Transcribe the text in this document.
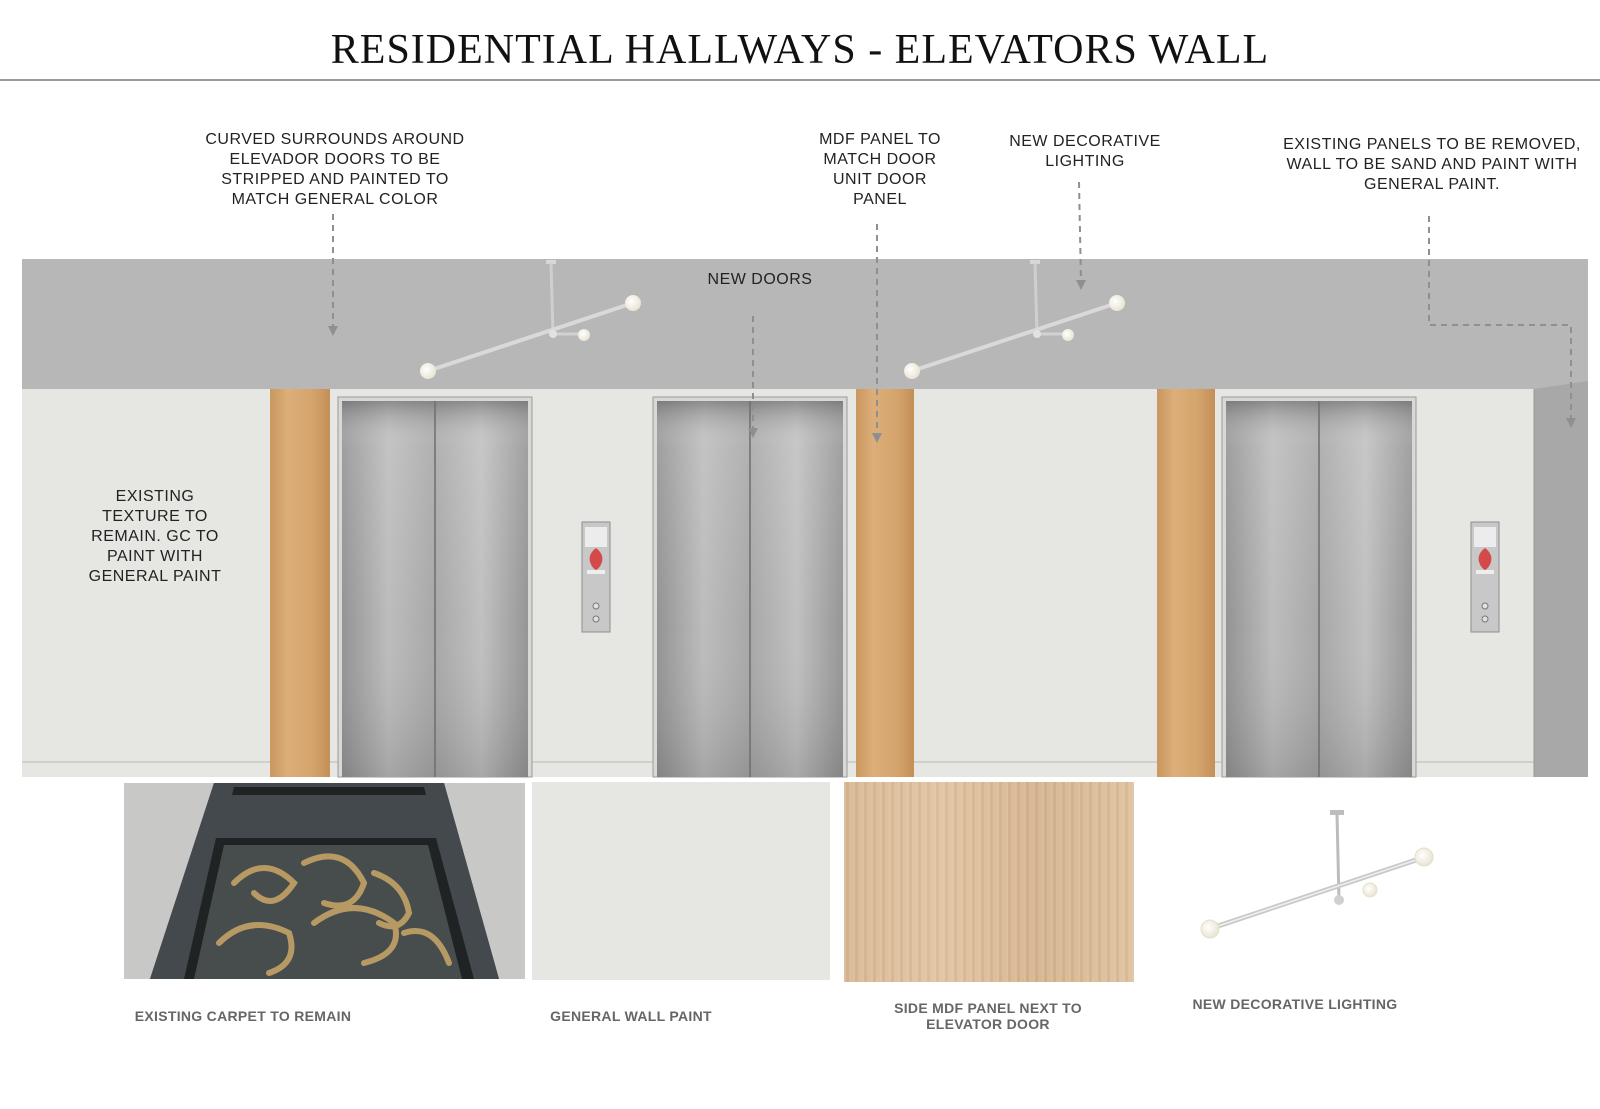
RESIDENTIAL HALLWAYS - ELEVATORS WALL
CURVED SURROUNDS AROUND
ELEVADOR DOORS TO BE
STRIPPED AND PAINTED TO
MATCH GENERAL COLOR
MDF PANEL TO
MATCH DOOR
UNIT DOOR
PANEL
NEW DECORATIVE
LIGHTING
EXISTING PANELS TO BE REMOVED,
WALL TO BE SAND AND PAINT WITH
GENERAL PAINT.
NEW DOORS
EXISTING
TEXTURE TO
REMAIN. GC TO
PAINT WITH
GENERAL PAINT
EXISTING CARPET TO REMAIN	GENERAL WALL PAINT	SIDE MDF PANEL NEXT TO
ELEVATOR DOOR
NEW DECORATIVE LIGHTING
